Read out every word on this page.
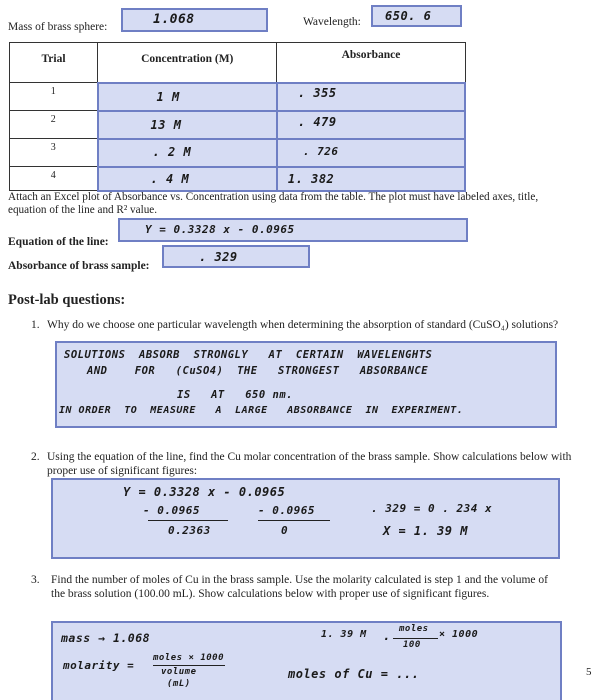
Mass of brass sphere:	1.068	Wavelength: 650. 6
Trial	Concentration (M)	Absorbance
1	1 M	. 355

2	13 M	. 479

3	. 2 M	. 726

4	. 4 M	1. 382
Attach an Excel plot of Absorbance vs. Concentration using data from the table. The plot must have labeled axes, title, equation of the line and R² value.
Equation of the line:
Y = 0.3328 x - 0.0965
Absorbance of brass sample:
. 329
Post-lab questions:
1. Why do we choose one particular wavelength when determining the absorption of standard (CuSO₄) solutions?
SOLUTIONS  ABSORB  STRONGLY   AT  CERTAIN  WAVELENGHTS
AND    FOR   (CuSO4)  THE   STRONGEST   ABSORBANCE
IS   AT   650 nm.
IN ORDER  TO  MEASURE   A  LARGE   ABSORBANCE  IN  EXPERIMENT.
2. Using the equation of the line, find the Cu molar concentration of the brass sample. Show calculations below with proper use of significant figures:
Y = 0.3328 x - 0.0965
- 0.0965	- 0.0965
0.2363	0
. 329 = 0 . 234 x
X = 1. 39 M
3. Find the number of moles of Cu in the brass sample. Use the molarity calculated is step 1 and the volume of the brass solution (100.00 mL). Show calculations below with proper use of significant figures.
mass → 1.068
molarity =
moles × 1000
volume
(mL)
1. 39 M . moles
100
× 1000
moles of Cu = ...	5
